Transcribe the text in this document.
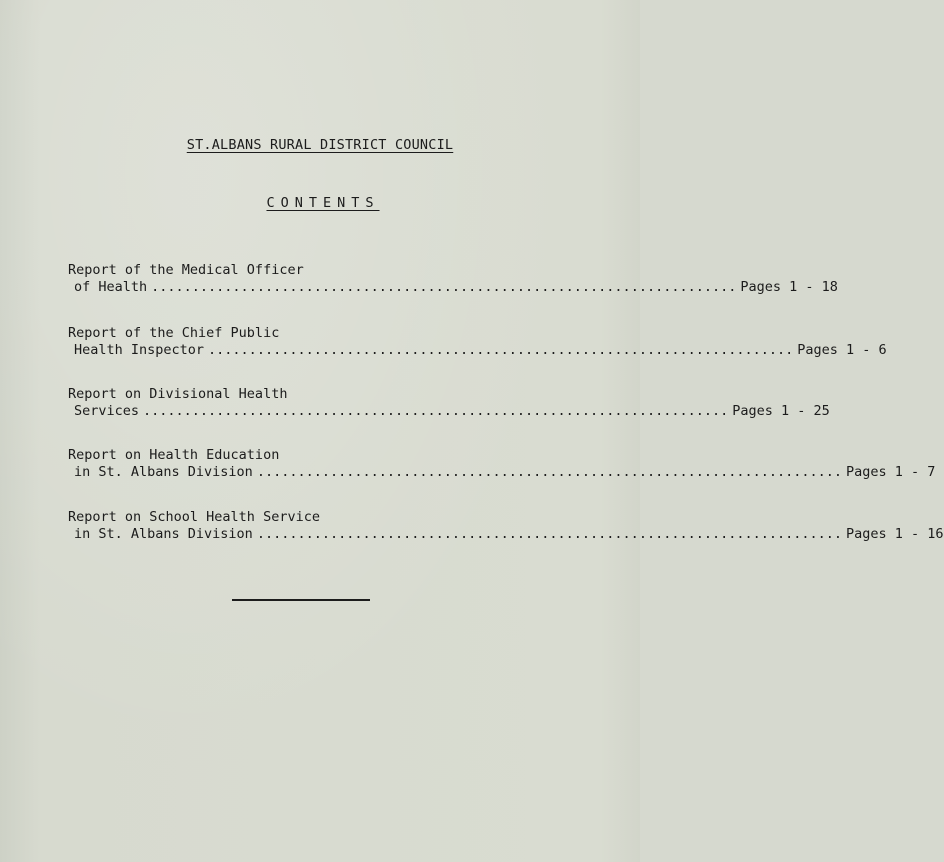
ST.ALBANS RURAL DISTRICT COUNCIL
CONTENTS
Report of the Medical Officer
of Health ........................................................................ Pages 1 - 18
Report of the Chief Public
Health Inspector ........................................................................ Pages 1 - 6
Report on Divisional Health
Services ........................................................................ Pages 1 - 25
Report on Health Education
in St. Albans Division ........................................................................ Pages 1 - 7
Report on School Health Service
in St. Albans Division ........................................................................ Pages 1 - 16
